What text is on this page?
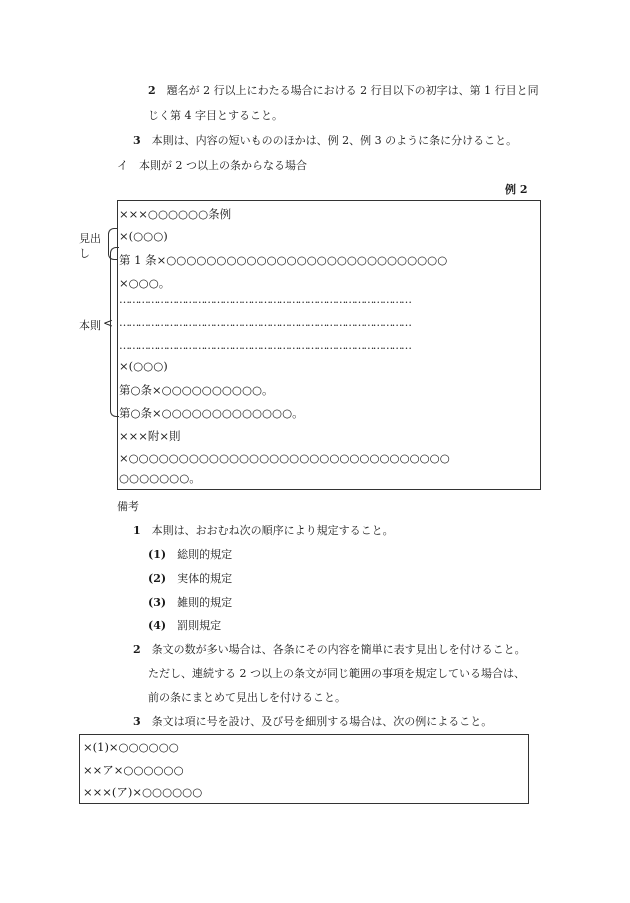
2　 題名が 2 行以上にわたる場合における 2 行目以下の初字は、第 1 行目と同
じく第 4 字目とすること。
3　 本則は、内容の短いもののほかは、例 2、例 3 のように条に分けること。
イ　本則が 2 つ以上の条からなる場合
例 2
見出
し
本則 <
×××○○○○○○条例
×(○○○)
第 1 条×○○○○○○○○○○○○○○○○○○○○○○○○○○○○
×○○○。
…………………………………………………………………………………
…………………………………………………………………………………
…………………………………………………………………………………
×(○○○)
第○条×○○○○○○○○○○。
第○条×○○○○○○○○○○○○○。
×××附×則
×○○○○○○○○○○○○○○○○○○○○○○○○○○○○○○○○
○○○○○○○。
備考
1　 本則は、おおむね次の順序により規定すること。
(1)　 総則的規定
(2)　 実体的規定
(3)　 雑則的規定
(4)　 罰則規定
2　 条文の数が多い場合は、各条にその内容を簡単に表す見出しを付けること。
ただし、連続する 2 つ以上の条文が同じ範囲の事項を規定している場合は、
前の条にまとめて見出しを付けること。
3　 条文は項に号を設け、及び号を細別する場合は、次の例によること。
×(1)×○○○○○○
××ア×○○○○○○
×××(ア)×○○○○○○
